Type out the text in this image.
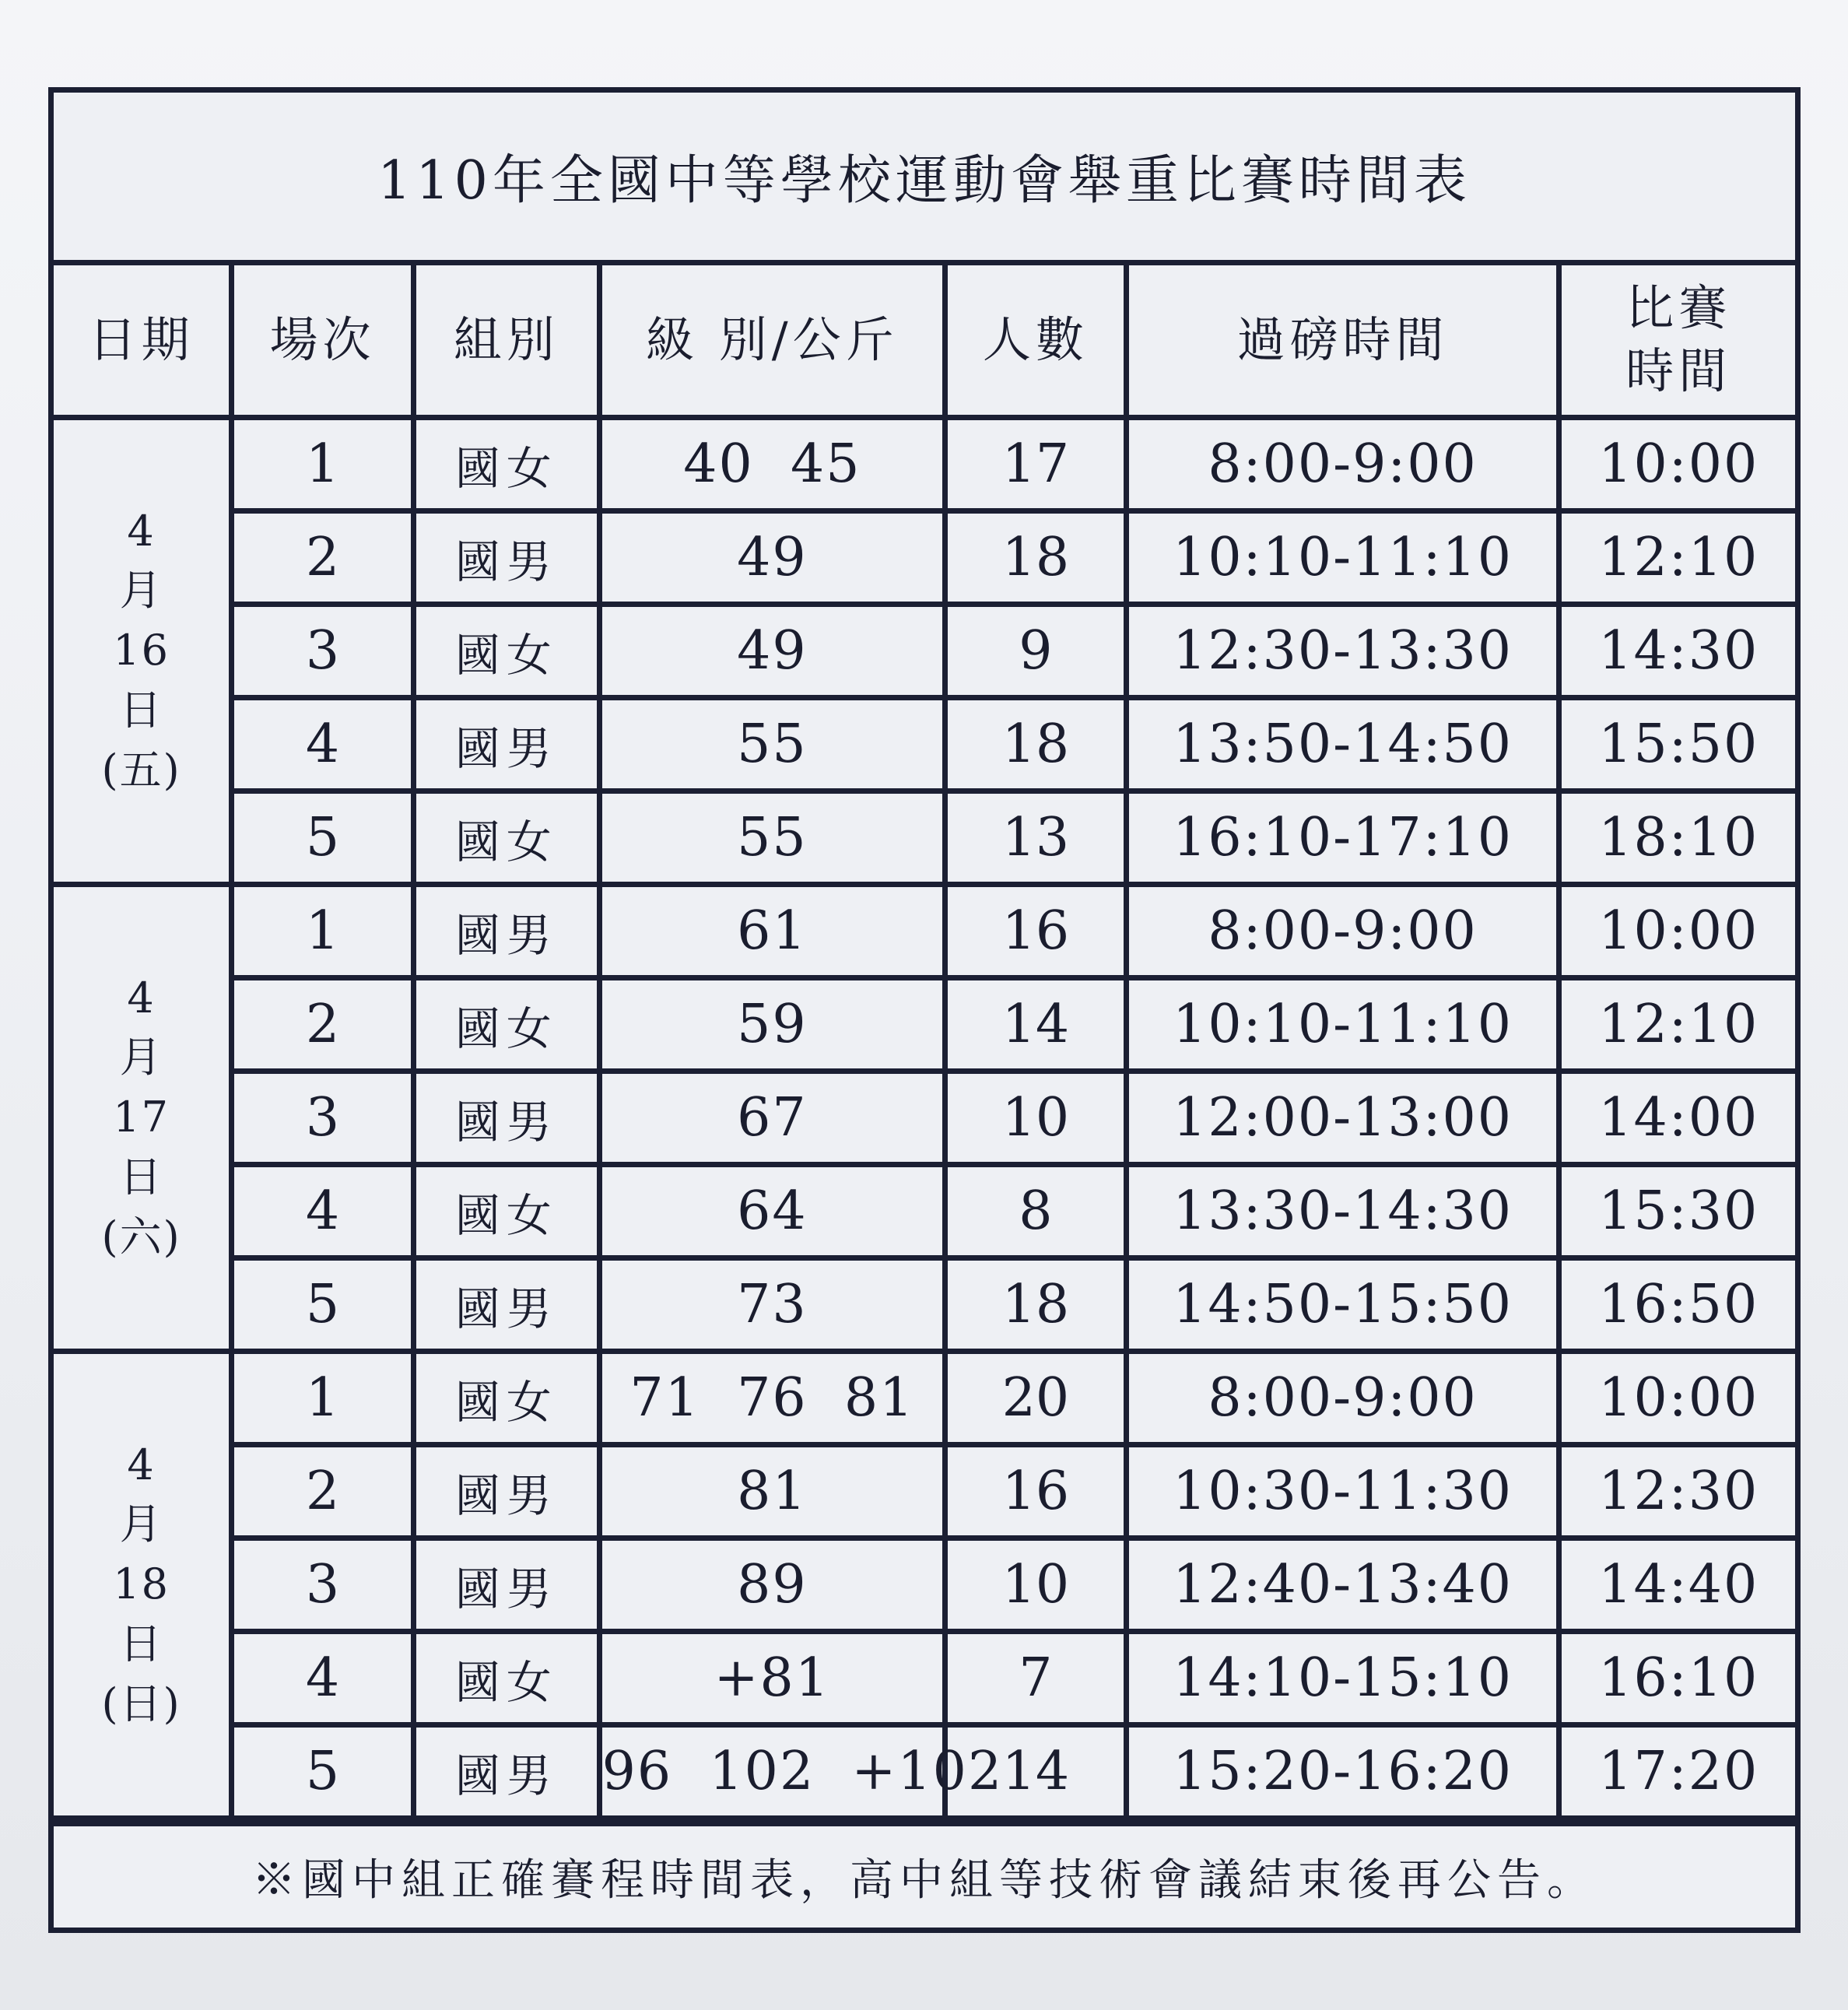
110年全國中等學校運動會舉重比賽時間表
日期	場次	組別	級 別/公斤	人數	過磅時間	比賽
時間

4
月
16
日
(五)	1	國女	40  45	17	8:00-9:00	10:00
	2	國男	49	18	10:10-11:10	12:10
	3	國女	49	9	12:30-13:30	14:30
	4	國男	55	18	13:50-14:50	15:50
	5	國女	55	13	16:10-17:10	18:10

4
月
17
日
(六)	1	國男	61	16	8:00-9:00	10:00
	2	國女	59	14	10:10-11:10	12:10
	3	國男	67	10	12:00-13:00	14:00
	4	國女	64	8	13:30-14:30	15:30
	5	國男	73	18	14:50-15:50	16:50

4
月
18
日
(日)	1	國女	71  76  81	20	8:00-9:00	10:00
	2	國男	81	16	10:30-11:30	12:30
	3	國男	89	10	12:40-13:40	14:40
	4	國女	+81	7	14:10-15:10	16:10
	5	國男	96  102  +102	14	15:20-16:20	17:20
※國中組正確賽程時間表，高中組等技術會議結束後再公告。
